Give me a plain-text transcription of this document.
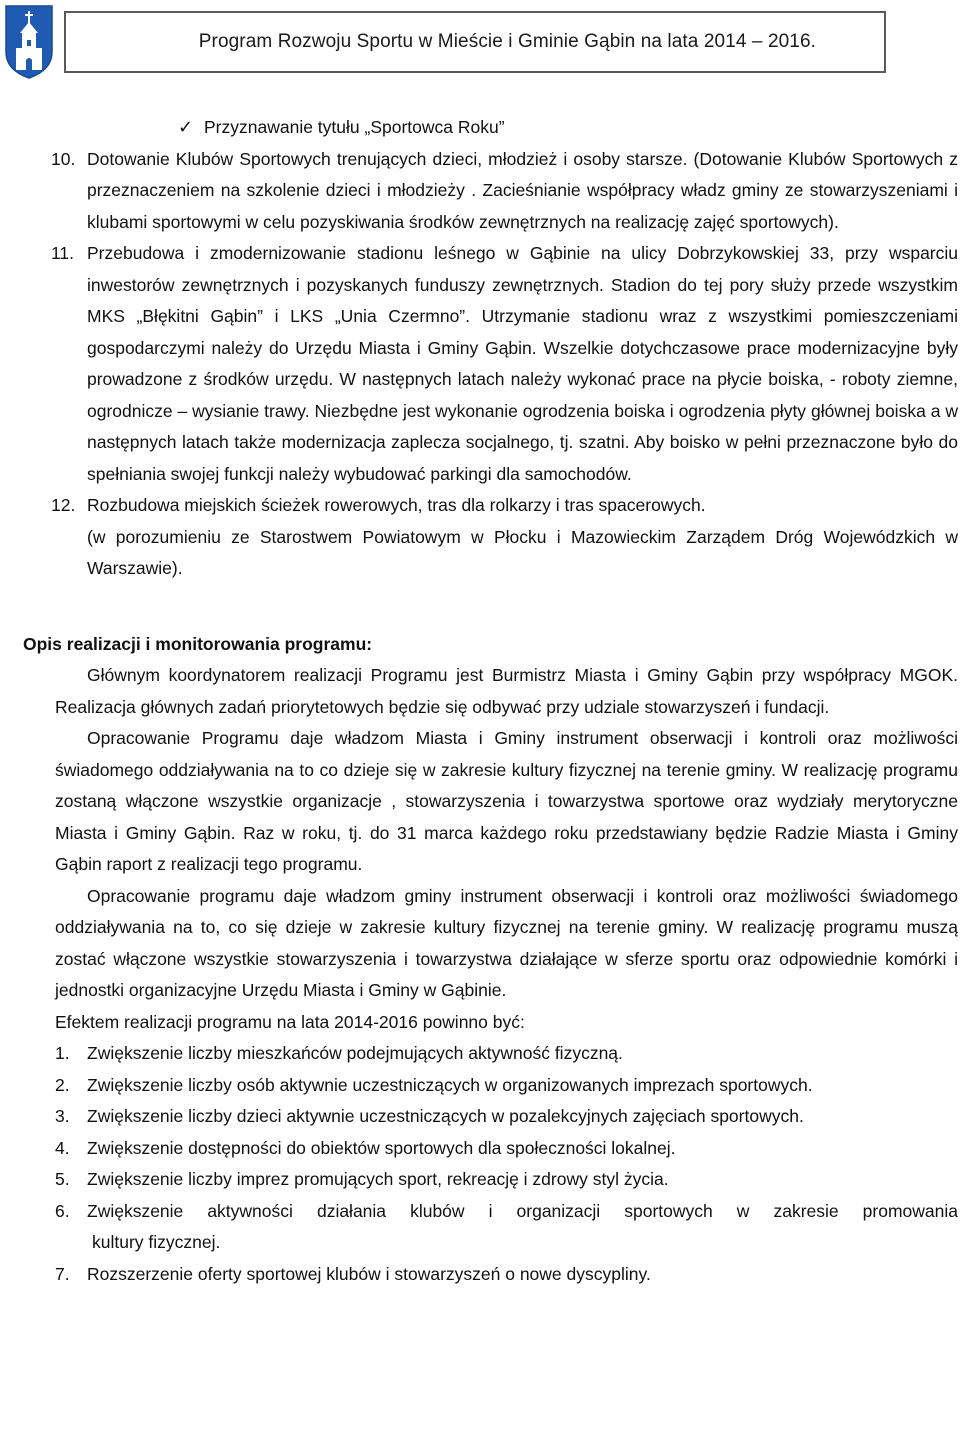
Program Rozwoju Sportu w Mieście i Gminie Gąbin na lata 2014 – 2016.
✓ Przyznawanie tytułu „Sportowca Roku”
10. Dotowanie Klubów Sportowych trenujących dzieci, młodzież i osoby starsze. (Dotowanie Klubów Sportowych z przeznaczeniem na szkolenie dzieci i młodzieży . Zacieśnianie współpracy władz gminy ze stowarzyszeniami i klubami sportowymi w celu pozyskiwania środków zewnętrznych na realizację zajęć sportowych).
11. Przebudowa i zmodernizowanie stadionu leśnego w Gąbinie na ulicy Dobrzykowskiej 33, przy wsparciu inwestorów zewnętrznych i pozyskanych funduszy zewnętrznych. Stadion do tej pory służy przede wszystkim MKS „Błękitni Gąbin” i LKS „Unia Czermno”. Utrzymanie stadionu wraz z wszystkimi pomieszczeniami gospodarczymi należy do Urzędu Miasta i Gminy Gąbin. Wszelkie dotychczasowe prace modernizacyjne były prowadzone z środków urzędu. W następnych latach należy wykonać prace na płycie boiska, - roboty ziemne, ogrodnicze – wysianie trawy. Niezbędne jest wykonanie ogrodzenia boiska i ogrodzenia płyty głównej boiska a w następnych latach także modernizacja zaplecza socjalnego, tj. szatni. Aby boisko w pełni przeznaczone było do spełniania swojej funkcji należy wybudować parkingi dla samochodów.
12. Rozbudowa miejskich ścieżek rowerowych, tras dla rolkarzy i tras spacerowych.
(w porozumieniu ze Starostwem Powiatowym w Płocku i Mazowieckim Zarządem Dróg Wojewódzkich w Warszawie).
Opis realizacji i monitorowania programu:
Głównym koordynatorem realizacji Programu jest Burmistrz Miasta i Gminy Gąbin przy współpracy MGOK. Realizacja głównych zadań priorytetowych będzie się odbywać przy udziale stowarzyszeń i fundacji.
Opracowanie Programu daje władzom Miasta i Gminy instrument obserwacji i kontroli oraz możliwości świadomego oddziaływania na to co dzieje się w zakresie kultury fizycznej na terenie gminy. W realizację programu zostaną włączone wszystkie organizacje , stowarzyszenia i towarzystwa sportowe oraz wydziały merytoryczne Miasta i Gminy Gąbin. Raz w roku, tj. do 31 marca każdego roku przedstawiany będzie Radzie Miasta i Gminy Gąbin raport z realizacji tego programu.
Opracowanie programu daje władzom gminy instrument obserwacji i kontroli oraz możliwości świadomego oddziaływania na to, co się dzieje w zakresie kultury fizycznej na terenie gminy. W realizację programu muszą zostać włączone wszystkie stowarzyszenia i towarzystwa działające w sferze sportu oraz odpowiednie komórki i jednostki organizacyjne Urzędu Miasta i Gminy w Gąbinie.
Efektem realizacji programu na lata 2014-2016 powinno być:
1. Zwiększenie liczby mieszkańców podejmujących aktywność fizyczną.
2. Zwiększenie liczby osób aktywnie uczestniczących w organizowanych imprezach sportowych.
3. Zwiększenie liczby dzieci aktywnie uczestniczących w pozalekcyjnych zajęciach sportowych.
4. Zwiększenie dostępności do obiektów sportowych dla społeczności lokalnej.
5. Zwiększenie liczby imprez promujących sport, rekreację i zdrowy styl życia.
6. Zwiększenie aktywności działania klubów i organizacji sportowych w zakresie promowania
kultury fizycznej.
7. Rozszerzenie oferty sportowej klubów i stowarzyszeń o nowe dyscypliny.
